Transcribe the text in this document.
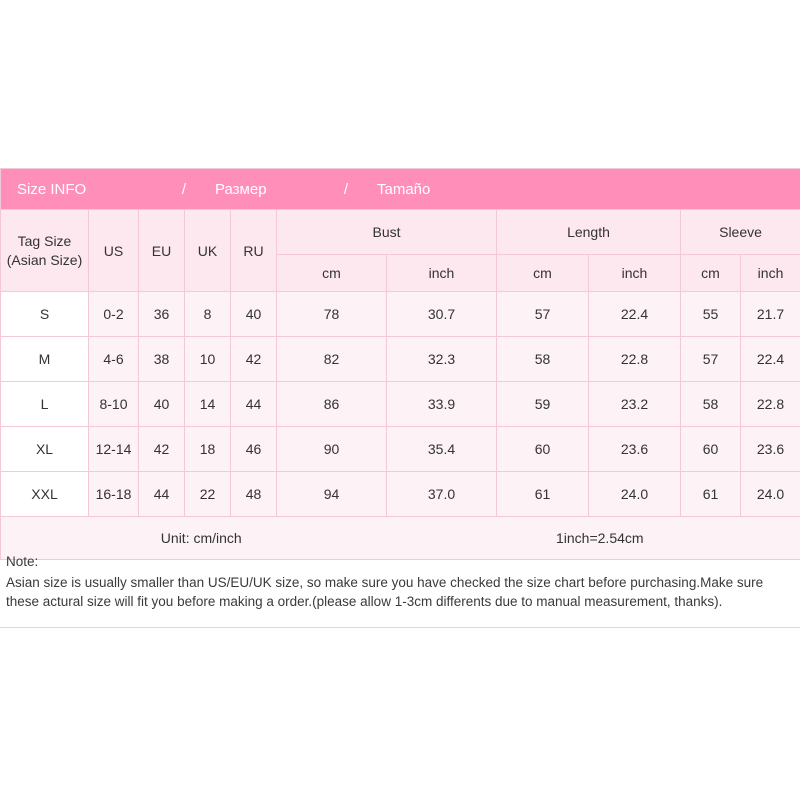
Size INFO / Размер / Tamaño										

Tag Size
(Asian Size)	US	EU	UK	RU	Bust		Length		Sleeve	
					cm	inch	cm	inch	cm	inch
S	0-2	36	8	40	78	30.7	57	22.4	55	21.7
M	4-6	38	10	42	82	32.3	58	22.8	57	22.4
L	8-10	40	14	44	86	33.9	59	23.2	58	22.8
XL	12-14	42	18	46	90	35.4	60	23.6	60	23.6
XXL	16-18	44	22	48	94	37.0	61	24.0	61	24.0

Unit: cm/inch 1inch=2.54cm										
Note:
Asian size is usually smaller than US/EU/UK size, so make sure you have checked the size chart before purchasing.Make sure these actural size will fit you before making a order.(please allow 1-3cm differents due to manual measurement, thanks).
